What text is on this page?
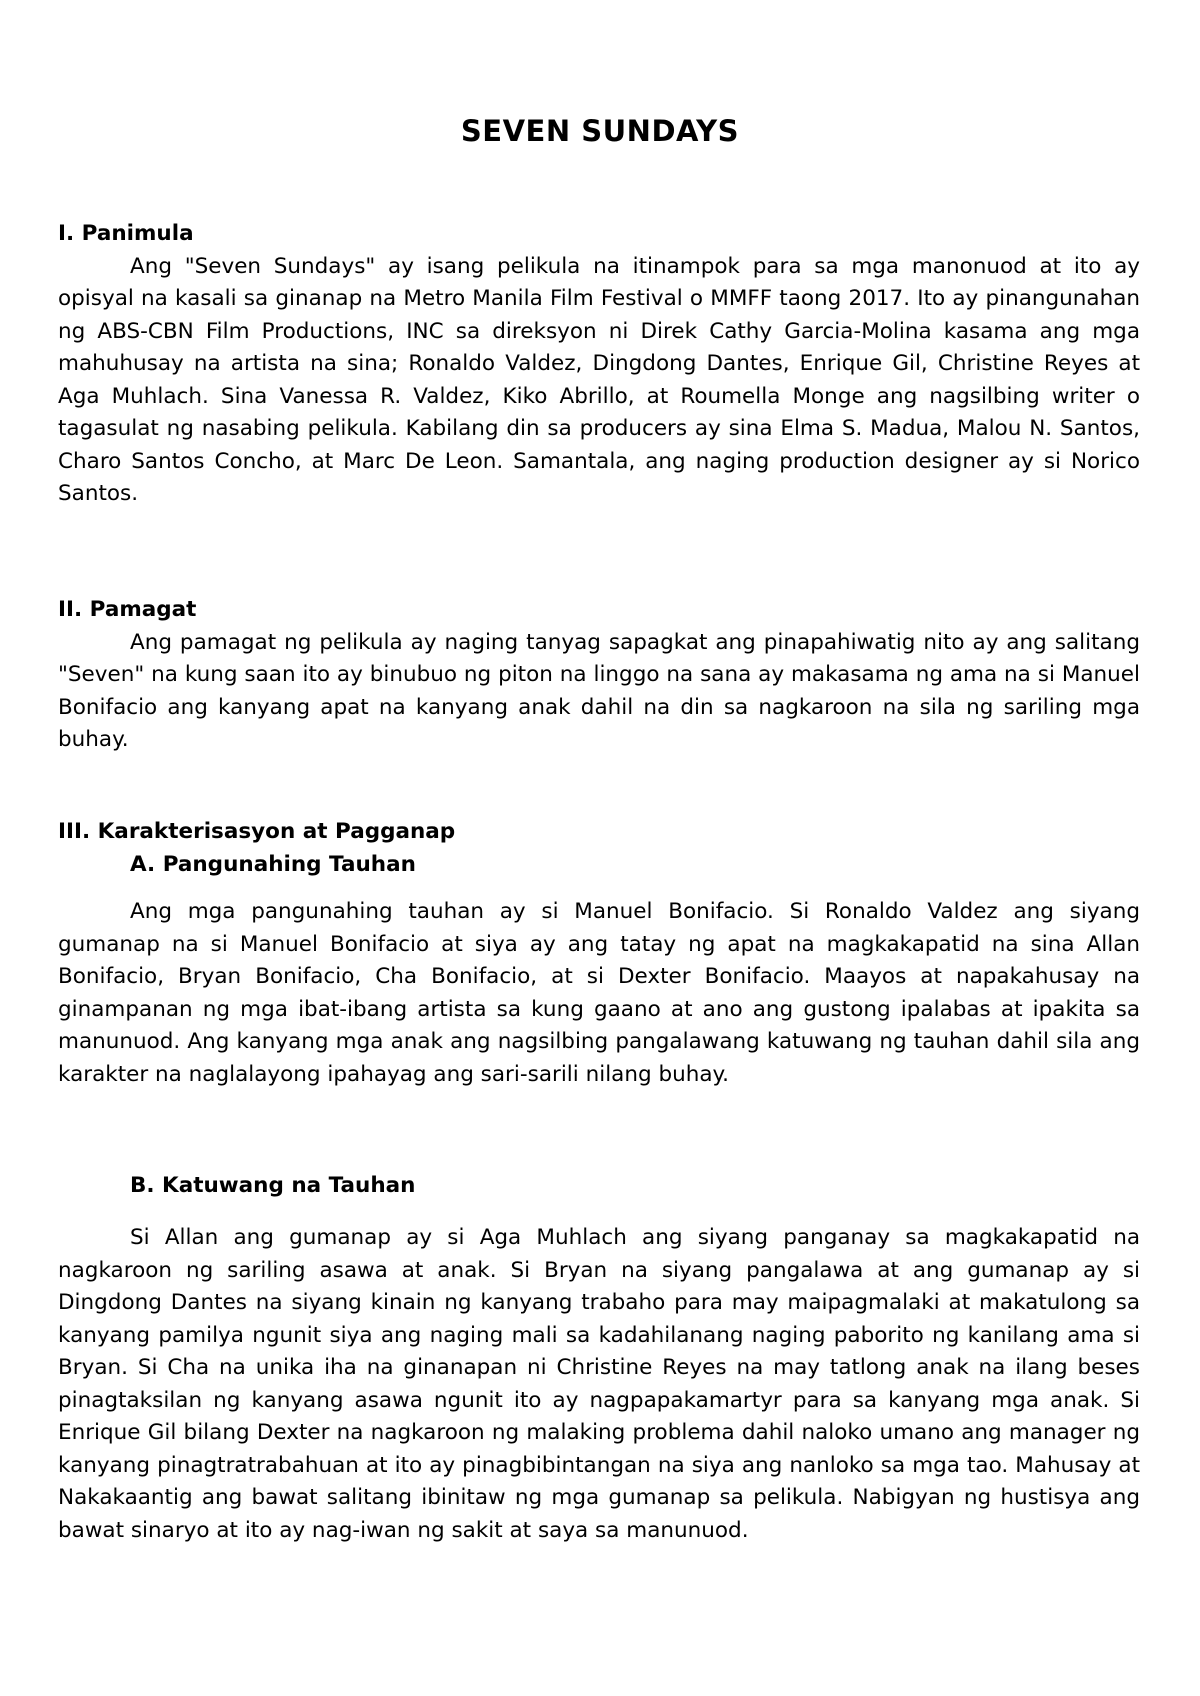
SEVEN SUNDAYS

I. Panimula

Ang "Seven Sundays" ay isang pelikula na itinampok para sa mga manonuod at ito ay opisyal na kasali sa ginanap na Metro Manila Film Festival o MMFF taong 2017. Ito ay pinangunahan ng ABS-CBN Film Productions, INC sa direksyon ni Direk Cathy Garcia-Molina kasama ang mga mahuhusay na artista na sina; Ronaldo Valdez, Dingdong Dantes, Enrique Gil, Christine Reyes at Aga Muhlach. Sina Vanessa R. Valdez, Kiko Abrillo, at Roumella Monge ang nagsilbing writer o tagasulat ng nasabing pelikula. Kabilang din sa producers ay sina Elma S. Madua, Malou N. Santos, Charo Santos Concho, at Marc De Leon. Samantala, ang naging production designer ay si Norico Santos.

II. Pamagat

Ang pamagat ng pelikula ay naging tanyag sapagkat ang pinapahiwatig nito ay ang salitang "Seven" na kung saan ito ay binubuo ng piton na linggo na sana ay makasama ng ama na si Manuel Bonifacio ang kanyang apat na kanyang anak dahil na din sa nagkaroon na sila ng sariling mga buhay.

III. Karakterisasyon at Pagganap

A. Pangunahing Tauhan

Ang mga pangunahing tauhan ay si Manuel Bonifacio. Si Ronaldo Valdez ang siyang gumanap na si Manuel Bonifacio at siya ay ang tatay ng apat na magkakapatid na sina Allan Bonifacio, Bryan Bonifacio, Cha Bonifacio, at si Dexter Bonifacio. Maayos at napakahusay na ginampanan ng mga ibat-ibang artista sa kung gaano at ano ang gustong ipalabas at ipakita sa manunuod. Ang kanyang mga anak ang nagsilbing pangalawang katuwang ng tauhan dahil sila ang karakter na naglalayong ipahayag ang sari-sarili nilang buhay.

B. Katuwang na Tauhan

Si Allan ang gumanap ay si Aga Muhlach ang siyang panganay sa magkakapatid na nagkaroon ng sariling asawa at anak. Si Bryan na siyang pangalawa at ang gumanap ay si Dingdong Dantes na siyang kinain ng kanyang trabaho para may maipagmalaki at makatulong sa kanyang pamilya ngunit siya ang naging mali sa kadahilanang naging paborito ng kanilang ama si Bryan. Si Cha na unika iha na ginanapan ni Christine Reyes na may tatlong anak na ilang beses pinagtaksilan ng kanyang asawa ngunit ito ay nagpapakamartyr para sa kanyang mga anak. Si Enrique Gil bilang Dexter na nagkaroon ng malaking problema dahil naloko umano ang manager ng kanyang pinagtratrabahuan at ito ay pinagbibintangan na siya ang nanloko sa mga tao. Mahusay at Nakakaantig ang bawat salitang ibinitaw ng mga gumanap sa pelikula. Nabigyan ng hustisya ang bawat sinaryo at ito ay nag-iwan ng sakit at saya sa manunuod.
